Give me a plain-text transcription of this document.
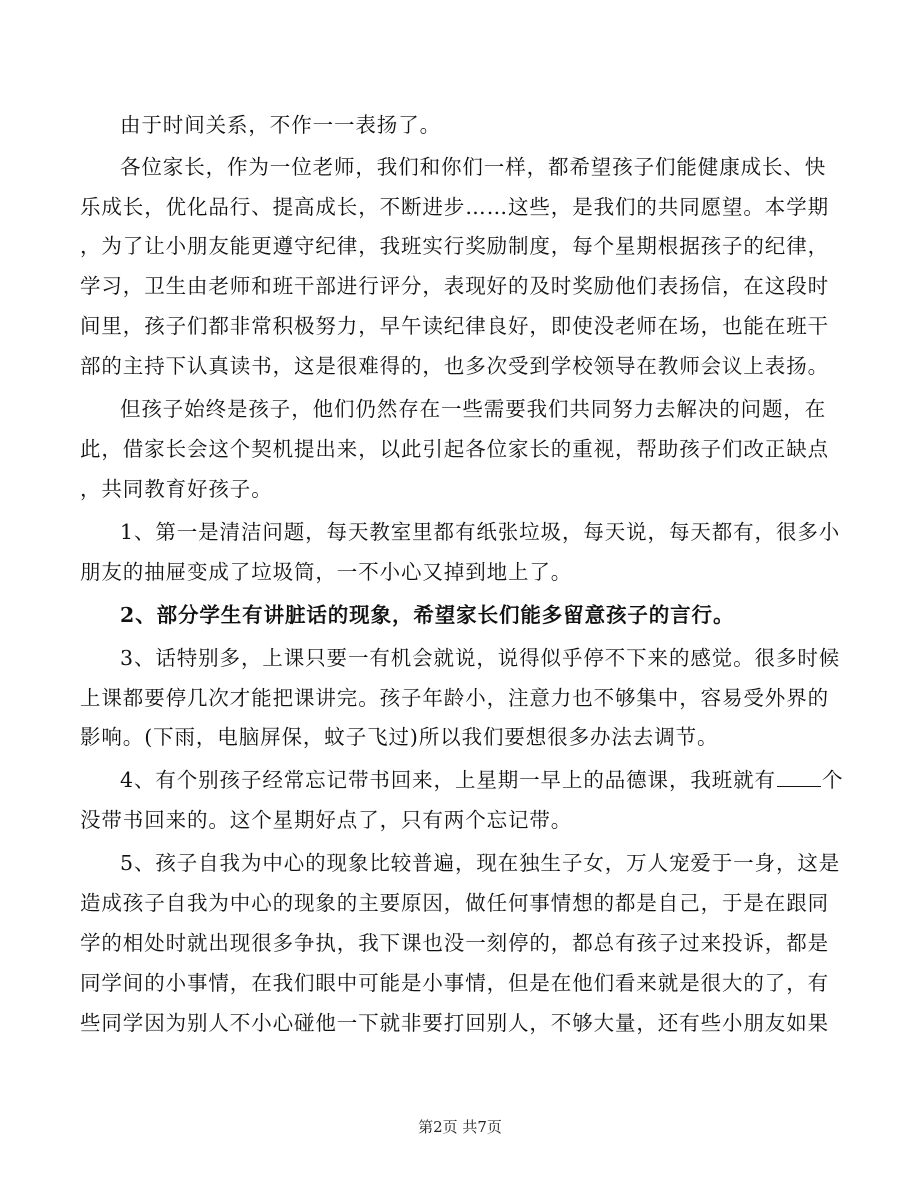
由于时间关系，不作一一表扬了。
各位家长，作为一位老师，我们和你们一样，都希望孩子们能健康成长、快
乐成长，优化品行、提高成长，不断进步……这些，是我们的共同愿望。本学期
，为了让小朋友能更遵守纪律，我班实行奖励制度，每个星期根据孩子的纪律，
学习，卫生由老师和班干部进行评分，表现好的及时奖励他们表扬信，在这段时
间里，孩子们都非常积极努力，早午读纪律良好，即使没老师在场，也能在班干
部的主持下认真读书，这是很难得的，也多次受到学校领导在教师会议上表扬。
但孩子始终是孩子，他们仍然存在一些需要我们共同努力去解决的问题，在
此，借家长会这个契机提出来，以此引起各位家长的重视，帮助孩子们改正缺点
，共同教育好孩子。
1、第一是清洁问题，每天教室里都有纸张垃圾，每天说，每天都有，很多小
朋友的抽屉变成了垃圾筒，一不小心又掉到地上了。
2、部分学生有讲脏话的现象，希望家长们能多留意孩子的言行。
3、话特别多，上课只要一有机会就说，说得似乎停不下来的感觉。很多时候
上课都要停几次才能把课讲完。孩子年龄小，注意力也不够集中，容易受外界的
影响。(下雨，电脑屏保，蚊子飞过)所以我们要想很多办法去调节。
4、有个别孩子经常忘记带书回来，上星期一早上的品德课，我班就有 个
没带书回来的。这个星期好点了，只有两个忘记带。
5、孩子自我为中心的现象比较普遍，现在独生子女，万人宠爱于一身，这是
造成孩子自我为中心的现象的主要原因，做任何事情想的都是自己，于是在跟同
学的相处时就出现很多争执，我下课也没一刻停的，都总有孩子过来投诉，都是
同学间的小事情，在我们眼中可能是小事情，但是在他们看来就是很大的了，有
些同学因为别人不小心碰他一下就非要打回别人，不够大量，还有些小朋友如果
第2页 共7页
